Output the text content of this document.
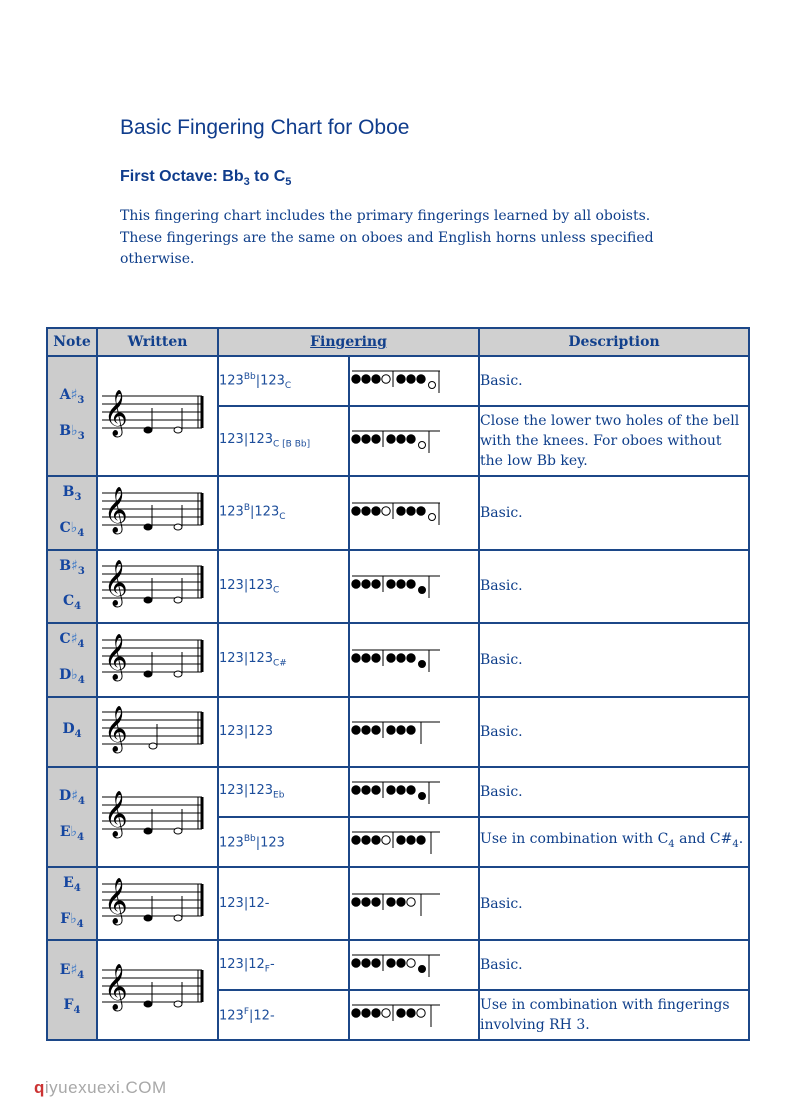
Basic Fingering Chart for Oboe
First Octave: $Bb_3$ to $C_5$

This fingering chart includes the primary fingerings learned by all oboists. These fingerings are the same on oboes and English horns unless specified otherwise.

Note	Written	Fingering		Description

$A♯_3$
$B♭_3$	𝄞	$123^{Bb}|123_C$		Basic.
		$123|123_{C [B Bb]}$		Close the lower two holes of the bell with the knees. For oboes without the low Bb key.

$B_3$
$C♭_4$	𝄞	$123^B|123_C$		Basic.

$B♯_3$
$C_4$	𝄞	$123|123_C$		Basic.

$C♯_4$
$D♭_4$	𝄞	$123|123_{C\#}$		Basic.

$D_4$	𝄞	123|123		Basic.

$D♯_4$
$E♭_4$	𝄞	$123|123_{Eb}$		Basic.
		$123^{Bb}|123$		Use in combination with $C_4$ and $C\#_4$.

$E_4$
$F♭_4$	𝄞	123|12-		Basic.

$E♯_4$
$F_4$	𝄞	$123|12_F-$		Basic.
		$123^F|12-$		Use in combination with fingerings involving RH 3.
qiyuexuexi.COM
